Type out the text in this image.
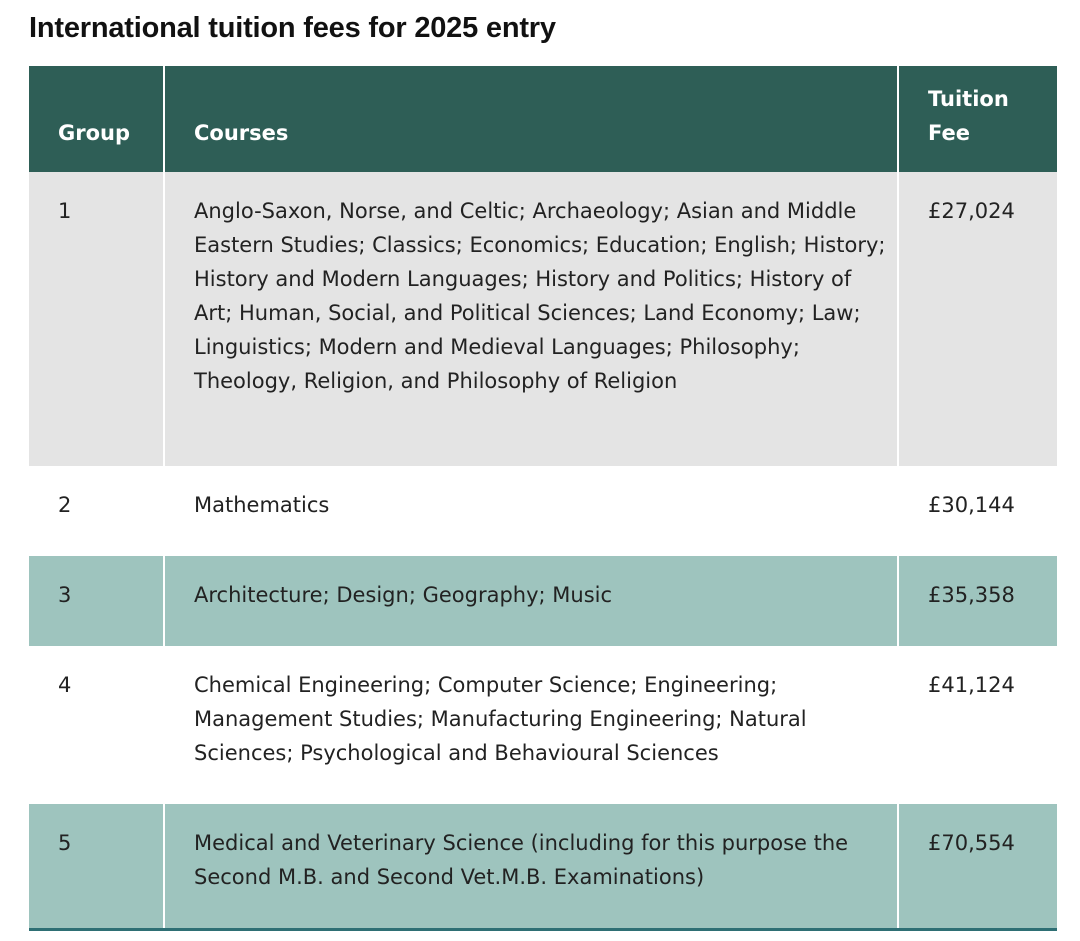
International tuition fees for 2025 entry
Group	Courses	Tuition Fee
1	Anglo-Saxon, Norse, and Celtic; Archaeology; Asian and Middle Eastern Studies; Classics; Economics; Education; English; History; History and Modern Languages; History and Politics; History of Art; Human, Social, and Political Sciences; Land Economy; Law; Linguistics; Modern and Medieval Languages; Philosophy; Theology, Religion, and Philosophy of Religion	£27,024
2	Mathematics	£30,144
3	Architecture; Design; Geography; Music	£35,358
4	Chemical Engineering; Computer Science; Engineering; Management Studies; Manufacturing Engineering; Natural Sciences; Psychological and Behavioural Sciences	£41,124
5	Medical and Veterinary Science (including for this purpose the Second M.B. and Second Vet.M.B. Examinations)	£70,554
